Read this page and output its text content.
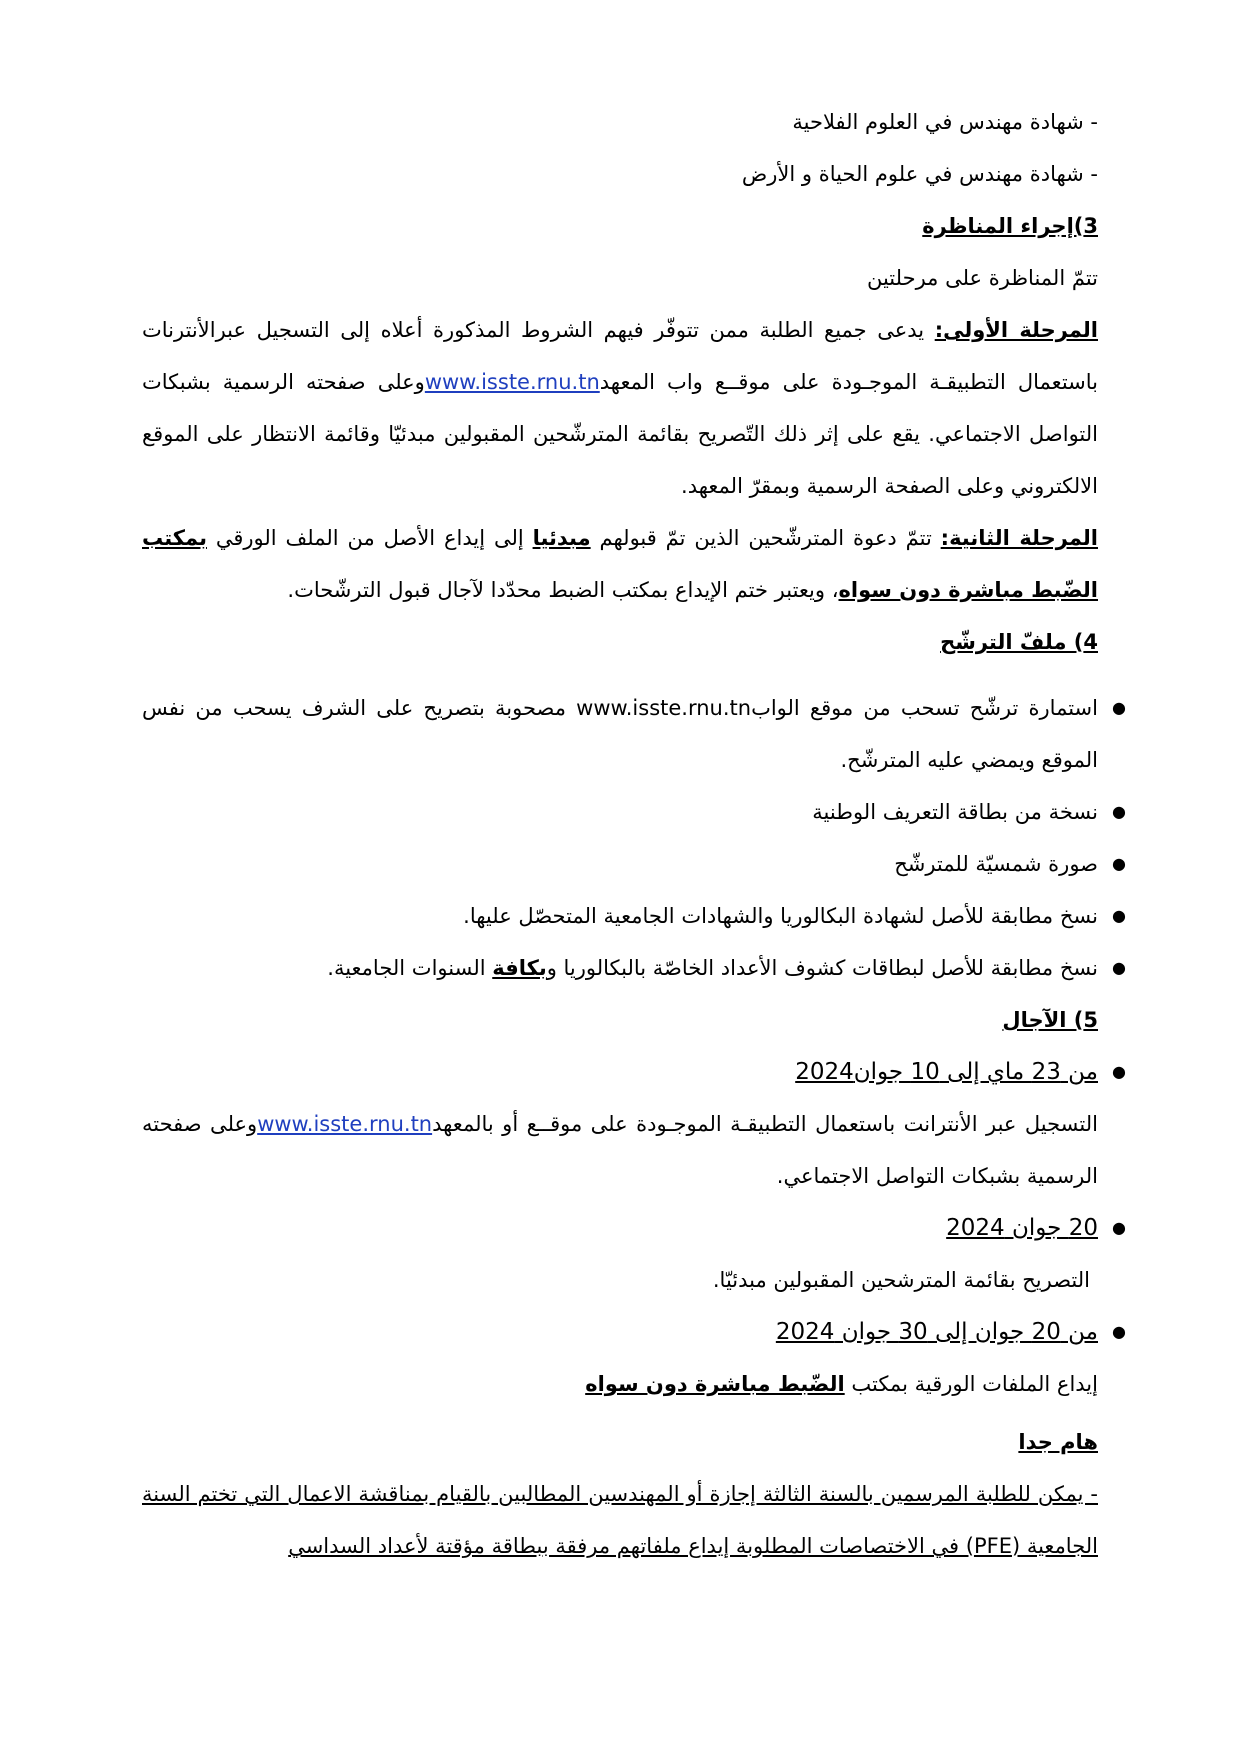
- شهادة مهندس في العلوم الفلاحية

- شهادة مهندس في علوم الحياة و الأرض

3)إجراء المناظرة

تتمّ المناظرة على مرحلتين

المرحلة الأولى: يدعى جميع الطلبة ممن تتوفّر فيهم الشروط المذكورة أعلاه إلى التسجيل عبرالأنترنات باستعمال التطبيقـة الموجـودة على موقــع واب المعهدwww.isste.rnu.tnوعلى صفحته الرسمية بشبكات التواصل الاجتماعي. يقع على إثر ذلك التّصريح بقائمة المترشّحين المقبولين مبدئيّا وقائمة الانتظار على الموقع الالكتروني وعلى الصفحة الرسمية وبمقرّ المعهد.

المرحلة الثانية: تتمّ دعوة المترشّحين الذين تمّ قبولهم مبدئيا إلى إيداع الأصل من الملف الورقي بمكتب الضّبط مباشرة دون سواه، ويعتبر ختم الإيداع بمكتب الضبط محدّدا لآجال قبول الترشّحات.

4) ملفّ الترشّح

●
استمارة ترشّح تسحب من موقع الوابwww.isste.rnu.tn مصحوبة بتصريح على الشرف يسحب من نفس الموقع ويمضي عليه المترشّح.
●
نسخة من بطاقة التعريف الوطنية
●
صورة شمسيّة للمترشّح
●
نسخ مطابقة للأصل لشهادة البكالوريا والشهادات الجامعية المتحصّل عليها.
●
نسخ مطابقة للأصل لبطاقات كشوف الأعداد الخاصّة بالبكالوريا وبكافة السنوات الجامعية.

5) الآجال

●
من 23 ماي إلى 10 جوان2024

التسجيل عبر الأنترانت باستعمال التطبيقـة الموجـودة على موقــع أو بالمعهدwww.isste.rnu.tnوعلى صفحته الرسمية بشبكات التواصل الاجتماعي.

●
20 جوان 2024

التصريح بقائمة المترشحين المقبولين مبدئيّا.

●
من 20 جوان إلى 30 جوان 2024

إيداع الملفات الورقية بمكتب الضّبط مباشرة دون سواه

هام جدا

- يمكن للطلبة المرسمين بالسنة الثالثة إجازة أو المهندسين المطالبين بالقيام بمناقشة الاعمال التي تختم السنة الجامعية (PFE) في الاختصاصات المطلوبة إيداع ملفاتهم مرفقة ببطاقة مؤقتة لأعداد السداسي
